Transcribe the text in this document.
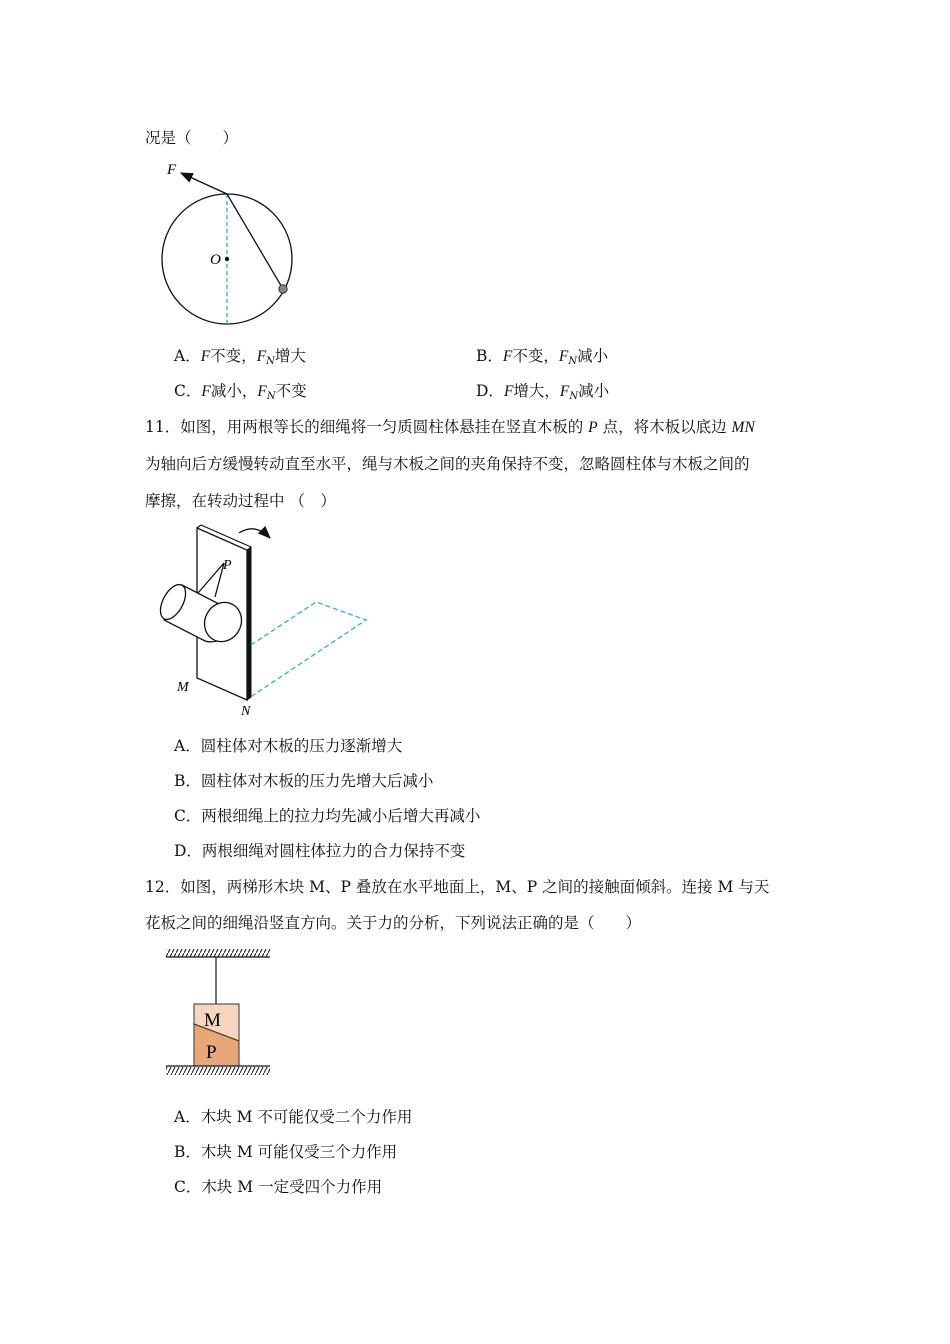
况是（　　）
F
O
A．F不变，$F_N$增大	B．F不变，$F_N$减小
C．F减小，$F_N$不变	D．F增大，$F_N$减小
11．如图，用两根等长的细绳将一匀质圆柱体悬挂在竖直木板的 P 点，将木板以底边 MN
为轴向后方缓慢转动直至水平，绳与木板之间的夹角保持不变，忽略圆柱体与木板之间的
摩擦，在转动过程中 （　）
P
M
N
A．圆柱体对木板的压力逐渐增大
B．圆柱体对木板的压力先增大后减小
C．两根细绳上的拉力均先减小后增大再减小
D．两根细绳对圆柱体拉力的合力保持不变
12．如图，两梯形木块 M、P 叠放在水平地面上，M、P 之间的接触面倾斜。连接 M 与天
花板之间的细绳沿竖直方向。关于力的分析，下列说法正确的是（　　）
M
P
A．木块 M 不可能仅受二个力作用
B．木块 M 可能仅受三个力作用
C．木块 M 一定受四个力作用
